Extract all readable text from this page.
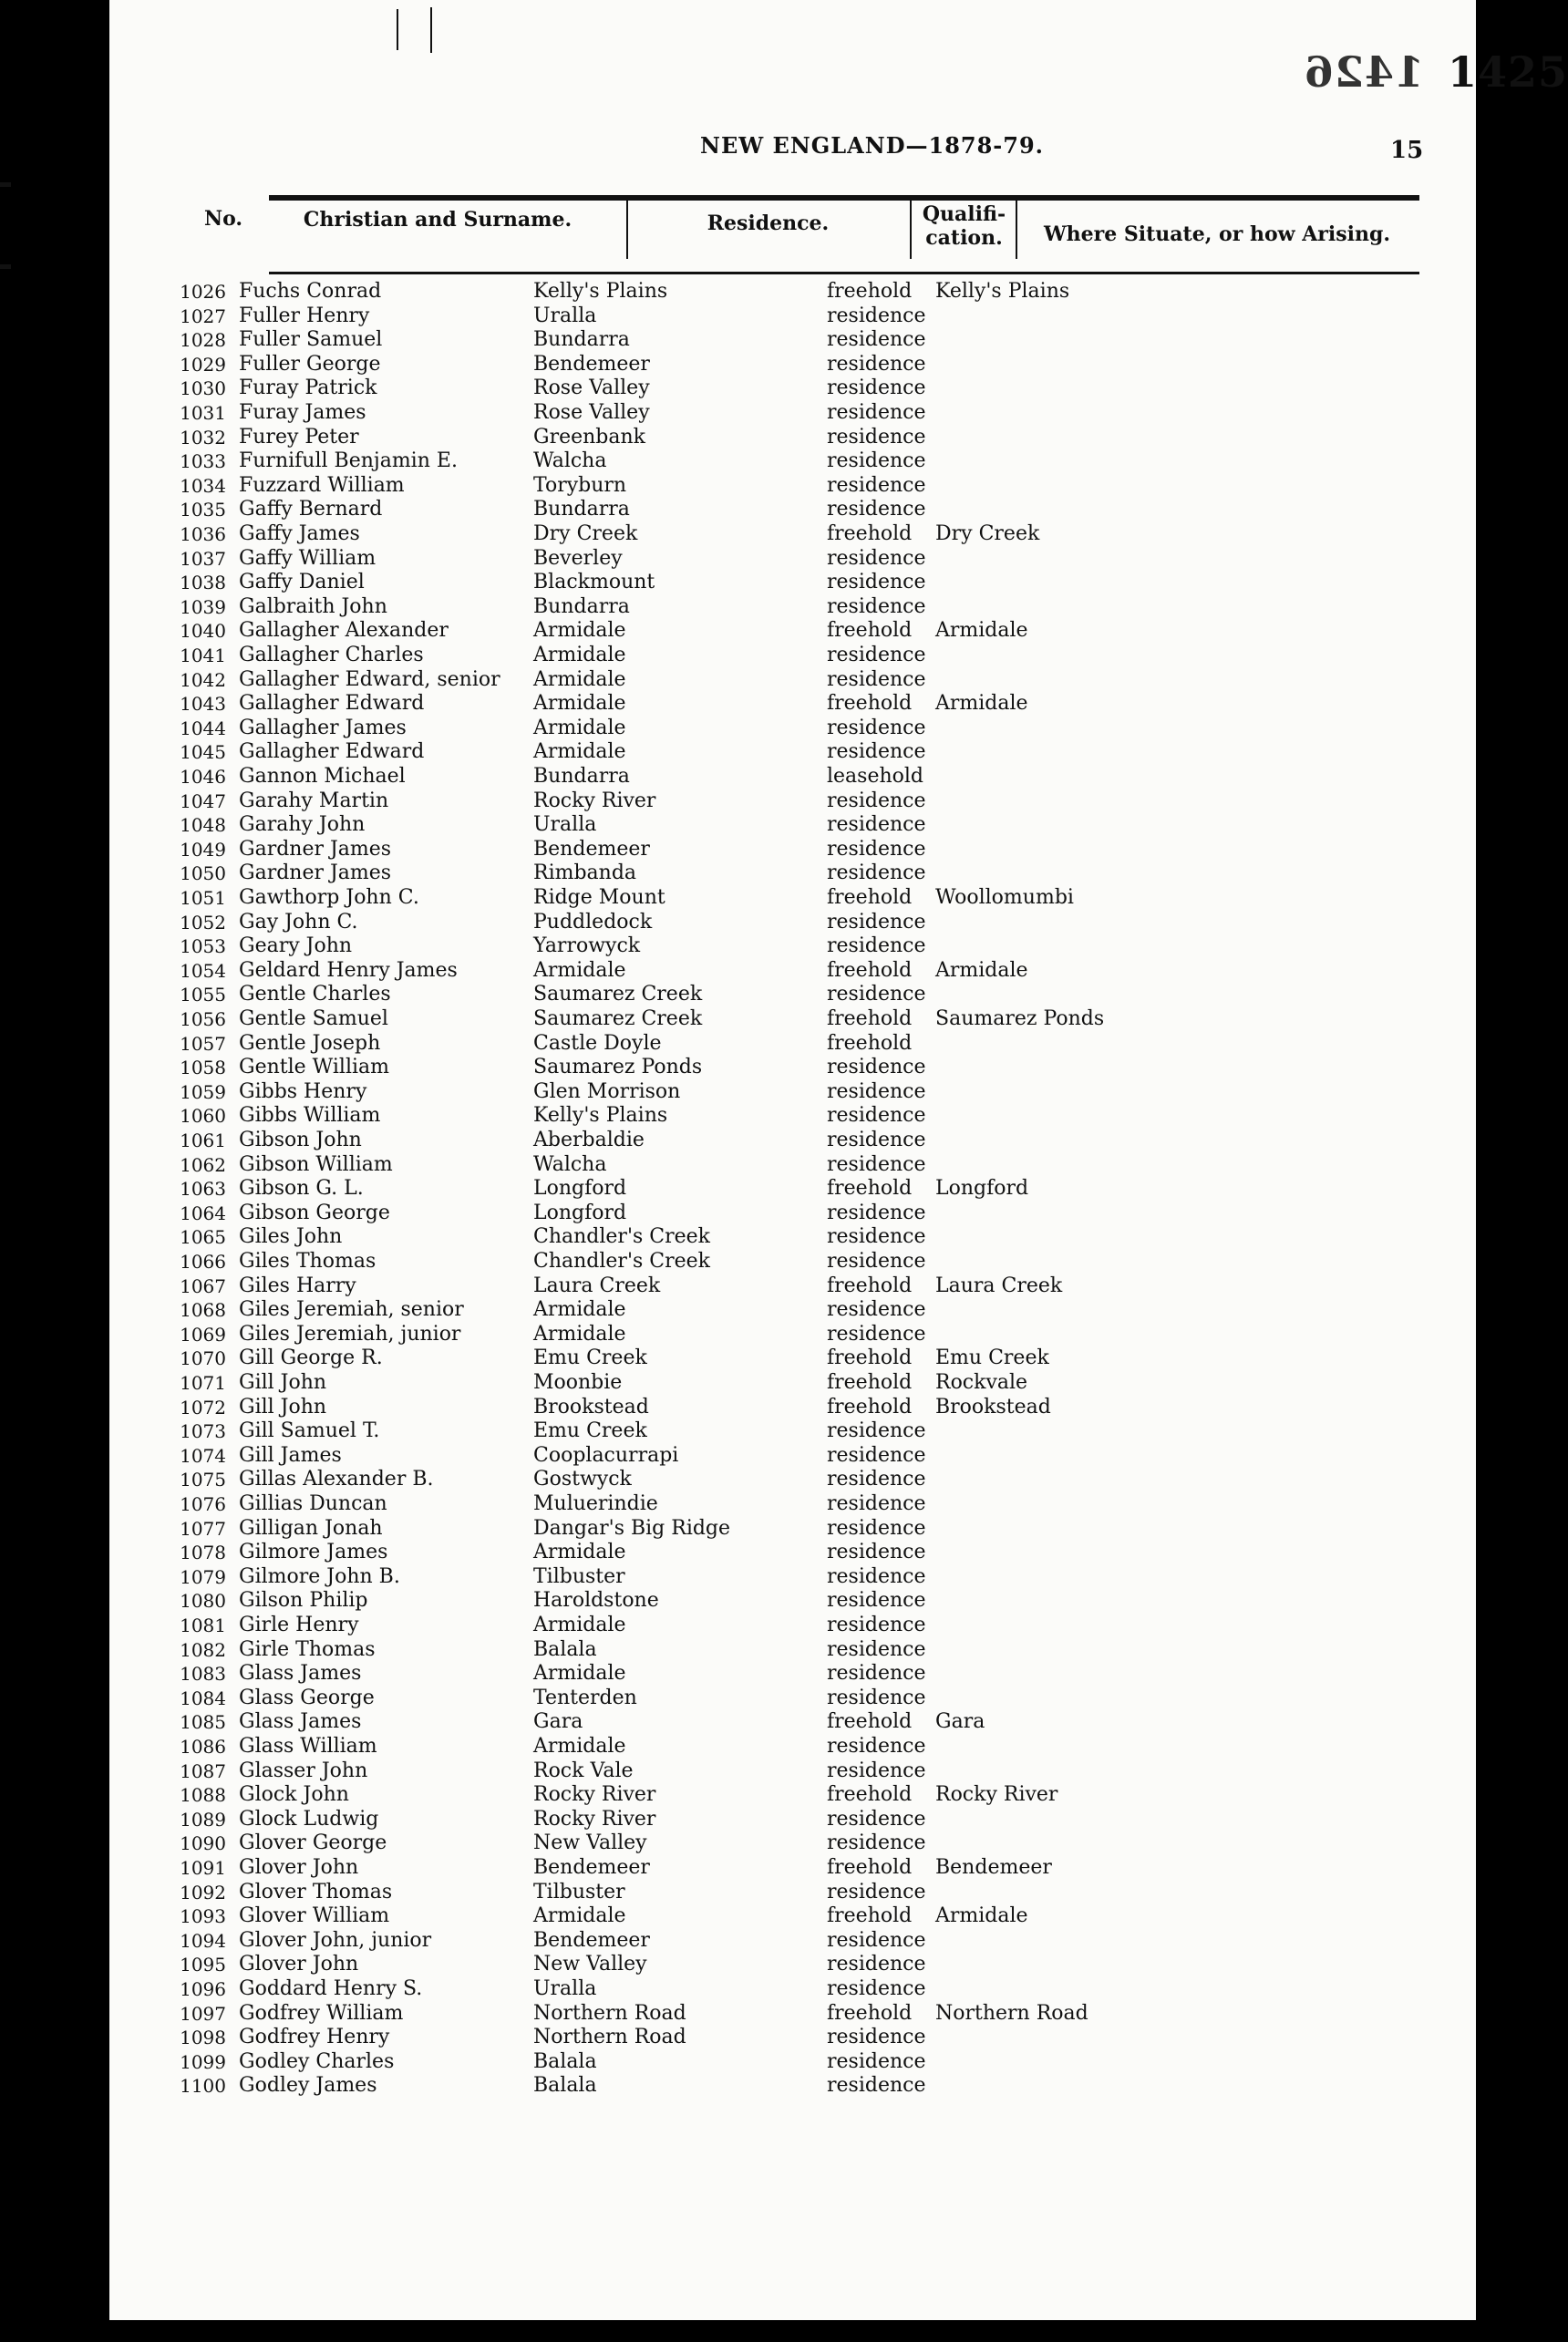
1426 1425
NEW ENGLAND—1878-79.	15
No.	Christian and Surname.	Residence.	Qualifi-cation.	Where Situate, or how Arising.
1026 Fuchs Conrad	Kelly's Plains	freehold Kelly's Plains
1027 Fuller Henry	Uralla	residence
1028 Fuller Samuel	Bundarra	residence
1029 Fuller George	Bendemeer	residence
1030 Furay Patrick	Rose Valley	residence
1031 Furay James	Rose Valley	residence
1032 Furey Peter	Greenbank	residence
1033 Furnifull Benjamin E.	Walcha	residence
1034 Fuzzard William	Toryburn	residence
1035 Gaffy Bernard	Bundarra	residence
1036 Gaffy James	Dry Creek	freehold Dry Creek
1037 Gaffy William	Beverley	residence
1038 Gaffy Daniel	Blackmount	residence
1039 Galbraith John	Bundarra	residence
1040 Gallagher Alexander	Armidale	freehold Armidale
1041 Gallagher Charles	Armidale	residence
1042 Gallagher Edward, senior Armidale	residence
1043 Gallagher Edward	Armidale	freehold Armidale
1044 Gallagher James	Armidale	residence
1045 Gallagher Edward	Armidale	residence
1046 Gannon Michael	Bundarra	leasehold
1047 Garahy Martin	Rocky River	residence
1048 Garahy John	Uralla	residence
1049 Gardner James	Bendemeer	residence
1050 Gardner James	Rimbanda	residence
1051 Gawthorp John C.	Ridge Mount	freehold Woollomumbi
1052 Gay John C.	Puddledock	residence
1053 Geary John	Yarrowyck	residence
1054 Geldard Henry James	Armidale	freehold Armidale
1055 Gentle Charles	Saumarez Creek	residence
1056 Gentle Samuel	Saumarez Creek	freehold Saumarez Ponds
1057 Gentle Joseph	Castle Doyle	freehold
1058 Gentle William	Saumarez Ponds	residence
1059 Gibbs Henry	Glen Morrison	residence
1060 Gibbs William	Kelly's Plains	residence
1061 Gibson John	Aberbaldie	residence
1062 Gibson William	Walcha	residence
1063 Gibson G. L.	Longford	freehold Longford
1064 Gibson George	Longford	residence
1065 Giles John	Chandler's Creek	residence
1066 Giles Thomas	Chandler's Creek	residence
1067 Giles Harry	Laura Creek	freehold Laura Creek
1068 Giles Jeremiah, senior	Armidale	residence
1069 Giles Jeremiah, junior	Armidale	residence
1070 Gill George R.	Emu Creek	freehold Emu Creek
1071 Gill John	Moonbie	freehold Rockvale
1072 Gill John	Brookstead	freehold Brookstead
1073 Gill Samuel T.	Emu Creek	residence
1074 Gill James	Cooplacurrapi	residence
1075 Gillas Alexander B.	Gostwyck	residence
1076 Gillias Duncan	Muluеrindie	residence
1077 Gilligan Jonah	Dangar's Big Ridge	residence
1078 Gilmore James	Armidale	residence
1079 Gilmore John B.	Tilbuster	residence
1080 Gilson Philip	Haroldstone	residence
1081 Girle Henry	Armidale	residence
1082 Girle Thomas	Balala	residence
1083 Glass James	Armidale	residence
1084 Glass George	Tenterden	residence
1085 Glass James	Gara	freehold Gara
1086 Glass William	Armidale	residence
1087 Glasser John	Rock Vale	residence
1088 Glock John	Rocky River	freehold Rocky River
1089 Glock Ludwig	Rocky River	residence
1090 Glover George	New Valley	residence
1091 Glover John	Bendemeer	freehold Bendemeer
1092 Glover Thomas	Tilbuster	residence
1093 Glover William	Armidale	freehold Armidale
1094 Glover John, junior	Bendemeer	residence
1095 Glover John	New Valley	residence
1096 Goddard Henry S.	Uralla	residence
1097 Godfrey William	Northern Road	freehold Northern Road
1098 Godfrey Henry	Northern Road	residence
1099 Godley Charles	Balala	residence
1100 Godley James	Balala	residence
